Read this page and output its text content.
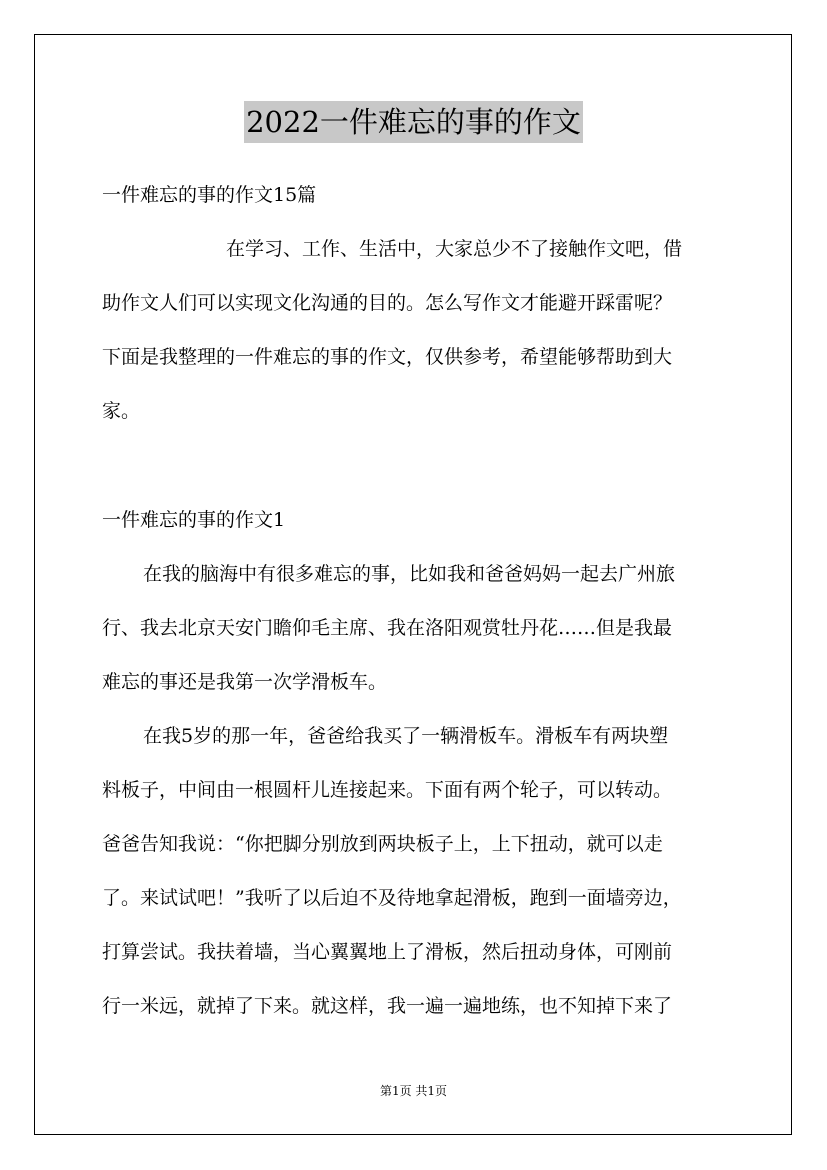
2022一件难忘的事的作文
一件难忘的事的作文15篇
在学习、工作、生活中，大家总少不了接触作文吧，借
助作文人们可以实现文化沟通的目的。怎么写作文才能避开踩雷呢？
下面是我整理的一件难忘的事的作文，仅供参考，希望能够帮助到大
家。
一件难忘的事的作文1
在我的脑海中有很多难忘的事，比如我和爸爸妈妈一起去广州旅
行、我去北京天安门瞻仰毛主席、我在洛阳观赏牡丹花……但是我最
难忘的事还是我第一次学滑板车。
在我5岁的那一年，爸爸给我买了一辆滑板车。滑板车有两块塑
料板子，中间由一根圆杆儿连接起来。下面有两个轮子，可以转动。
爸爸告知我说：“你把脚分别放到两块板子上，上下扭动，就可以走
了。来试试吧！”我听了以后迫不及待地拿起滑板，跑到一面墙旁边，
打算尝试。我扶着墙，当心翼翼地上了滑板，然后扭动身体，可刚前
行一米远，就掉了下来。就这样，我一遍一遍地练，也不知掉下来了
第1页 共1页
